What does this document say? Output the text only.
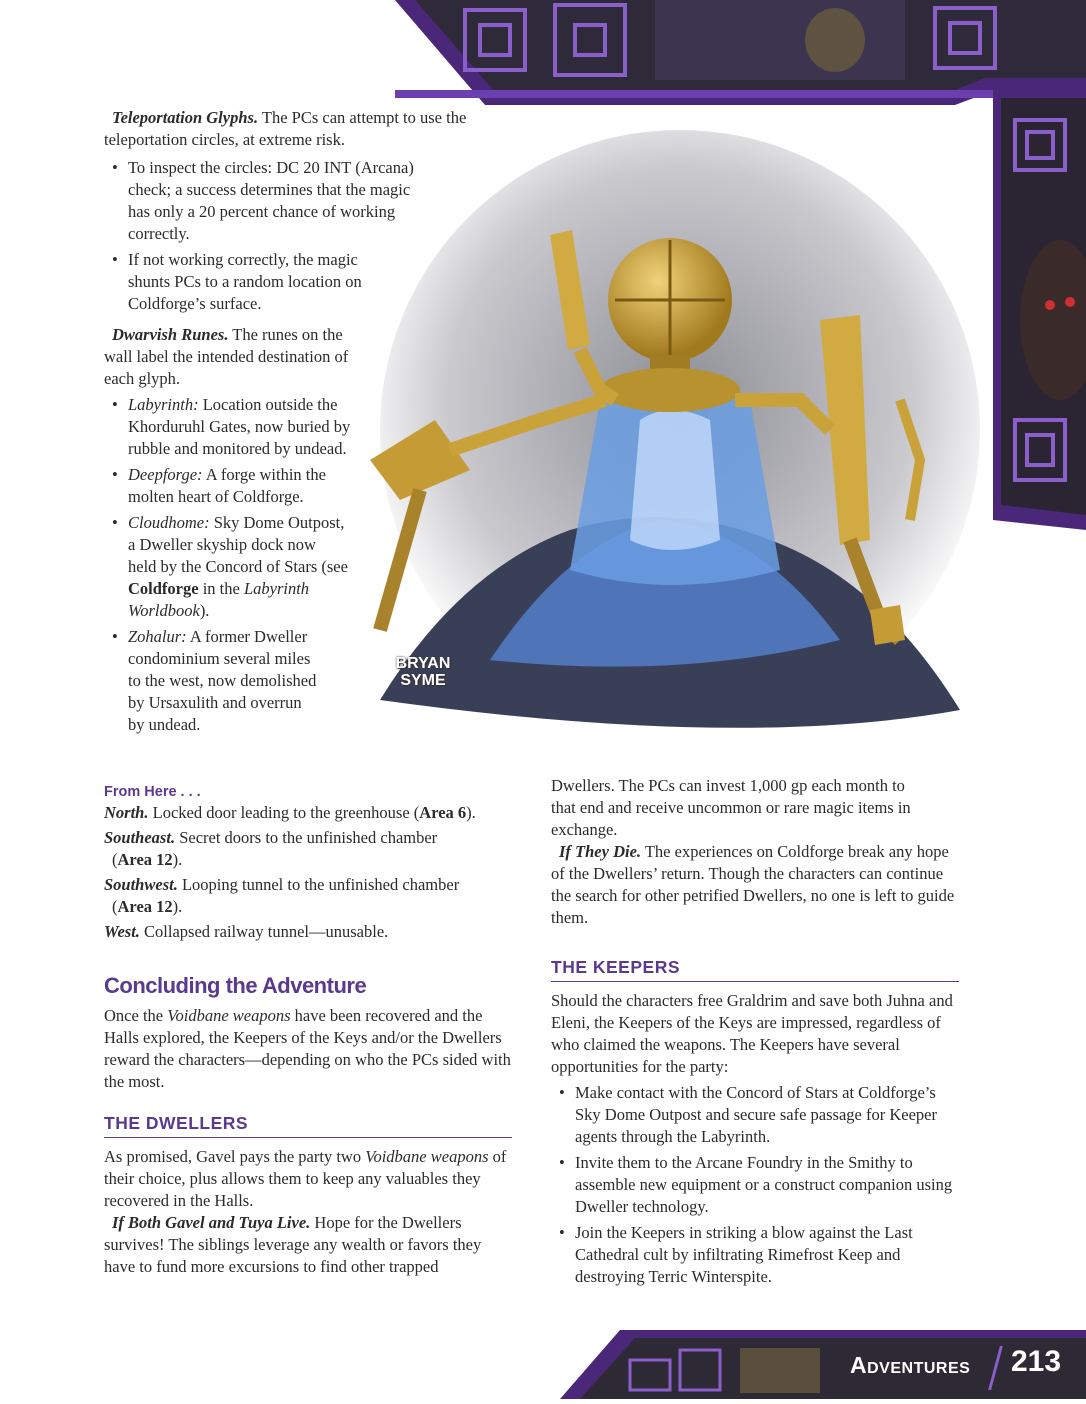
BRYAN
SYME

Teleportation Glyphs. The PCs can attempt to use the teleportation circles, at extreme risk.

• To inspect the circles: DC 20 INT (Arcana) check; a success determines that the magic has only a 20 percent chance of working correctly.
• If not working correctly, the magic shunts PCs to a random location on Coldforge’s surface.

Dwarvish Runes. The runes on the wall label the intended destination of each glyph.

• Labyrinth: Location outside the Khorduruhl Gates, now buried by rubble and monitored by undead.
• Deepforge: A forge within the molten heart of Coldforge.
• Cloudhome: Sky Dome Outpost, a Dweller skyship dock now held by the Concord of Stars (see Coldforge in the Labyrinth Worldbook).
• Zohalur: A former Dweller condominium several miles to the west, now demolished by Ursaxulith and overrun by undead.
From Here . . .

North. Locked door leading to the greenhouse (Area 6).

Southeast. Secret doors to the unfinished chamber (Area 12).

Southwest. Looping tunnel to the unfinished chamber (Area 12).

West. Collapsed railway tunnel—unusable.

Concluding the Adventure

Once the Voidbane weapons have been recovered and the Halls explored, the Keepers of the Keys and/or the Dwellers reward the characters—depending on who the PCs sided with the most.

THE DWELLERS

As promised, Gavel pays the party two Voidbane weapons of their choice, plus allows them to keep any valuables they recovered in the Halls.

If Both Gavel and Tuya Live. Hope for the Dwellers survives! The siblings leverage any wealth or favors they have to fund more excursions to find other trapped

Dwellers. The PCs can invest 1,000 gp each month to that end and receive uncommon or rare magic items in exchange.

If They Die. The experiences on Coldforge break any hope of the Dwellers’ return. Though the characters can continue the search for other petrified Dwellers, no one is left to guide them.

THE KEEPERS

Should the characters free Graldrim and save both Juhna and Eleni, the Keepers of the Keys are impressed, regardless of who claimed the weapons. The Keepers have several opportunities for the party:

• Make contact with the Concord of Stars at Coldforge’s Sky Dome Outpost and secure safe passage for Keeper agents through the Labyrinth.
• Invite them to the Arcane Foundry in the Smithy to assemble new equipment or a construct companion using Dweller technology.
• Join the Keepers in striking a blow against the Last Cathedral cult by infiltrating Rimefrost Keep and destroying Terric Winterspite.
Adventures 213
